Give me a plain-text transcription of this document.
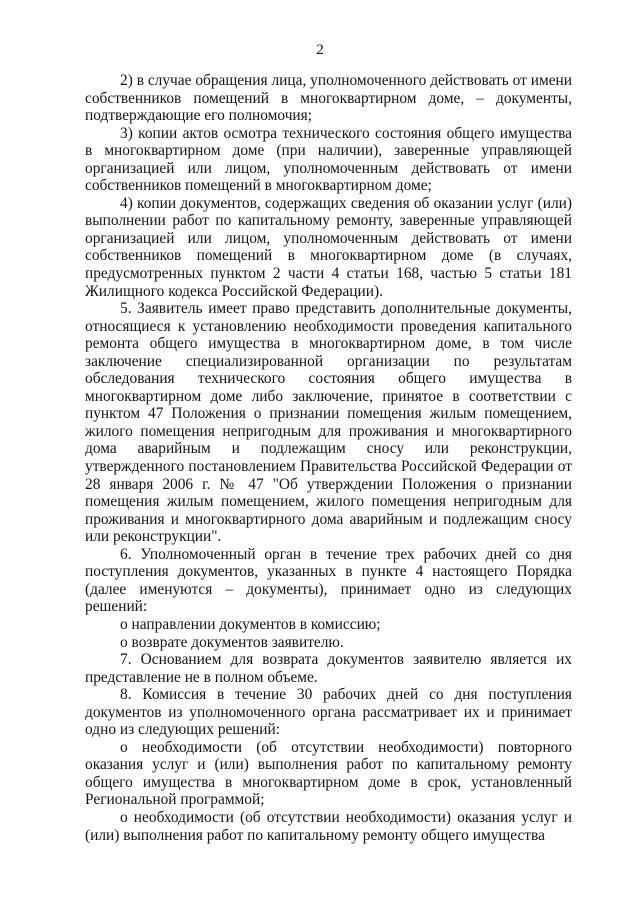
2

2) в случае обращения лица, уполномоченного действовать от имени собственников помещений в многоквартирном доме, – документы, подтверждающие его полномочия;

3) копии актов осмотра технического состояния общего имущества в многоквартирном доме (при наличии), заверенные управляющей организацией или лицом, уполномоченным действовать от имени собственников помещений в многоквартирном доме;

4) копии документов, содержащих сведения об оказании услуг (или) выполнении работ по капитальному ремонту, заверенные управляющей организацией или лицом, уполномоченным действовать от имени собственников помещений в многоквартирном доме (в случаях, предусмотренных пунктом 2 части 4 статьи 168, частью 5 статьи 181 Жилищного кодекса Российской Федерации).

5. Заявитель имеет право представить дополнительные документы, относящиеся к установлению необходимости проведения капитального ремонта общего имущества в многоквартирном доме, в том числе заключение специализированной организации по результатам обследования технического состояния общего имущества в многоквартирном доме либо заключение, принятое в соответствии с пунктом 47 Положения о признании помещения жилым помещением, жилого помещения непригодным для проживания и многоквартирного дома аварийным и подлежащим сносу или реконструкции, утвержденного постановлением Правительства Российской Федерации от 28 января 2006 г. № 47 "Об утверждении Положения о признании помещения жилым помещением, жилого помещения непригодным для проживания и многоквартирного дома аварийным и подлежащим сносу или реконструкции".

6. Уполномоченный орган в течение трех рабочих дней со дня поступления документов, указанных в пункте 4 настоящего Порядка (далее именуются – документы), принимает одно из следующих решений:

о направлении документов в комиссию;

о возврате документов заявителю.

7. Основанием для возврата документов заявителю является их представление не в полном объеме.

8. Комиссия в течение 30 рабочих дней со дня поступления документов из уполномоченного органа рассматривает их и принимает одно из следующих решений:

о необходимости (об отсутствии необходимости) повторного оказания услуг и (или) выполнения работ по капитальному ремонту общего имущества в многоквартирном доме в срок, установленный Региональной программой;

о необходимости (об отсутствии необходимости) оказания услуг и (или) выполнения работ по капитальному ремонту общего имущества
